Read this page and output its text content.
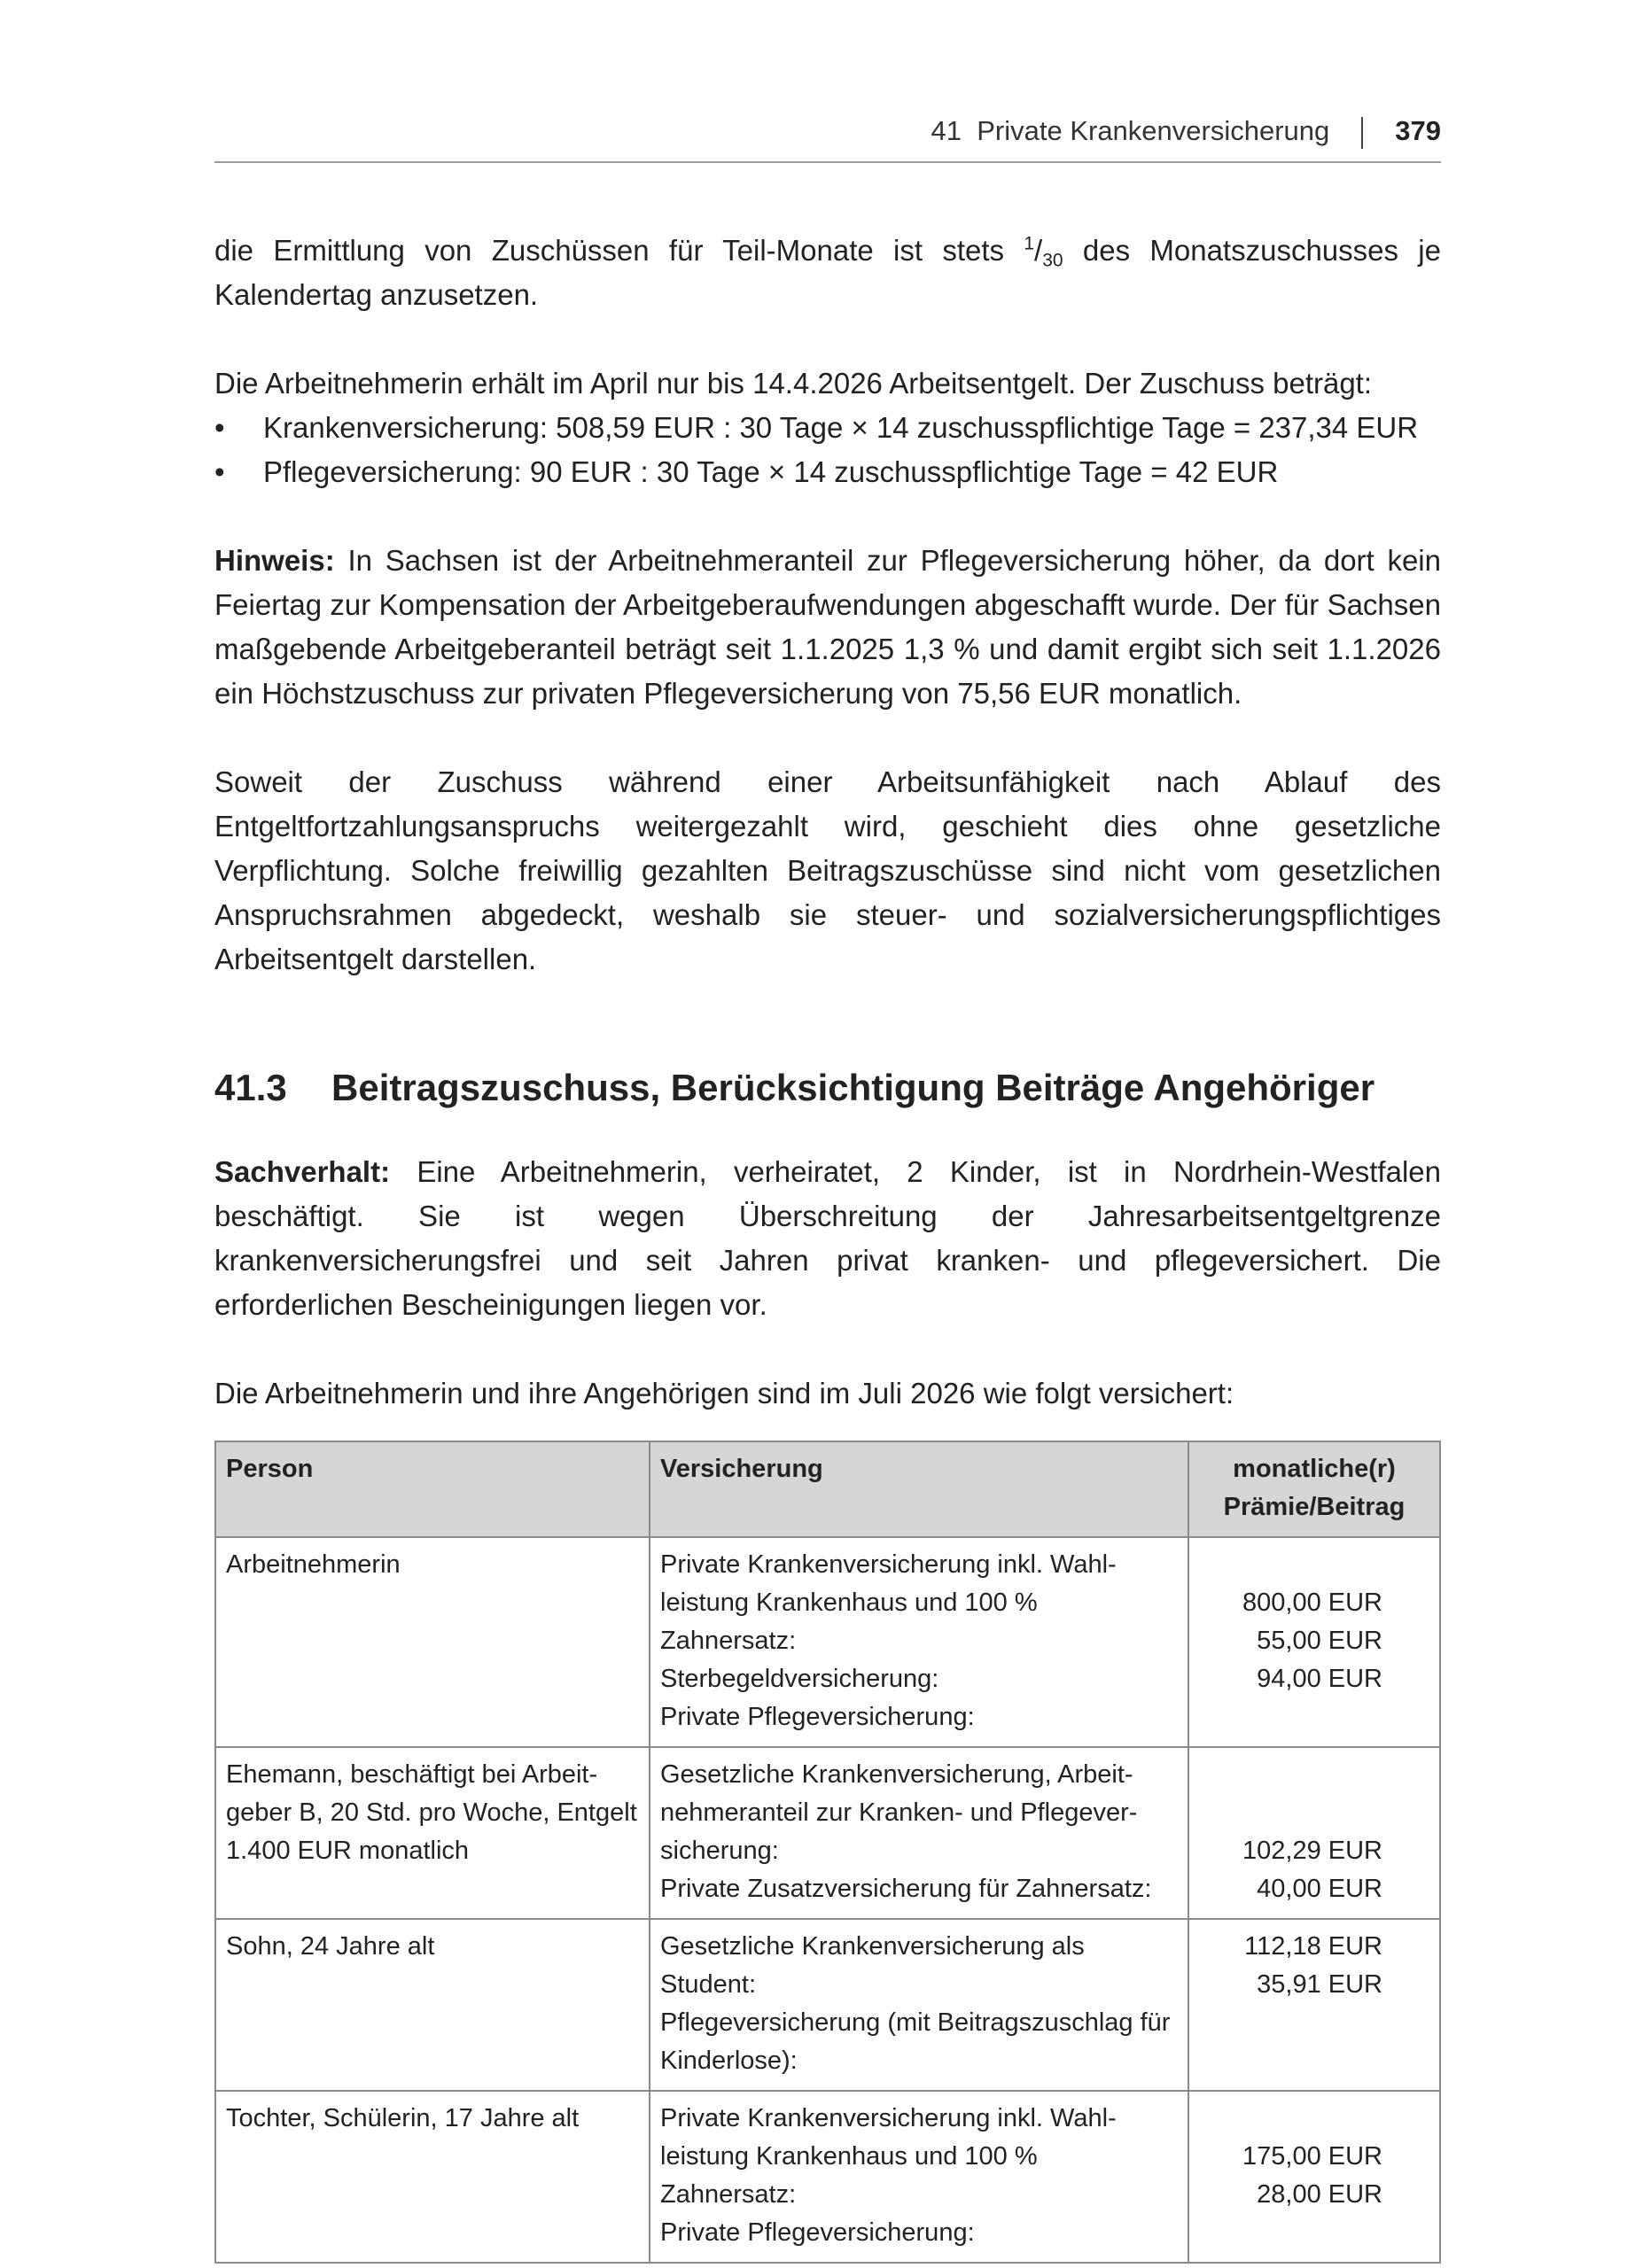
41  Private Krankenversicherung 379

die Ermittlung von Zuschüssen für Teil-Monate ist stets $^1/_{30}$ des Monatszuschusses je Kalendertag anzusetzen.

Die Arbeitnehmerin erhält im April nur bis 14.4.2026 Arbeitsentgelt. Der Zuschuss beträgt:

• Krankenversicherung: 508,59 EUR : 30 Tage × 14 zuschusspflichtige Tage = 237,34 EUR
• Pflegeversicherung: 90 EUR : 30 Tage × 14 zuschusspflichtige Tage = 42 EUR

Hinweis: In Sachsen ist der Arbeitnehmeranteil zur Pflegeversicherung höher, da dort kein Feiertag zur Kompensation der Arbeitgeberaufwendungen abgeschafft wurde. Der für Sachsen maßgebende Arbeitgeberanteil beträgt seit 1.1.2025 1,3 % und damit ergibt sich seit 1.1.2026 ein Höchstzuschuss zur privaten Pflegeversicherung von 75,56 EUR monatlich.

Soweit der Zuschuss während einer Arbeitsunfähigkeit nach Ablauf des Entgeltfortzahlungsanspruchs weitergezahlt wird, geschieht dies ohne gesetzliche Verpflichtung. Solche freiwillig gezahlten Beitragszuschüsse sind nicht vom gesetzlichen Anspruchsrahmen abgedeckt, weshalb sie steuer- und sozialversicherungspflichtiges Arbeitsentgelt darstellen.

41.3	Beitragszuschuss, Berücksichtigung Beiträge Angehöriger

Sachverhalt: Eine Arbeitnehmerin, verheiratet, 2 Kinder, ist in Nordrhein-Westfalen beschäftigt. Sie ist wegen Überschreitung der Jahresarbeitsentgeltgrenze krankenversicherungsfrei und seit Jahren privat kranken- und pflegeversichert. Die erforderlichen Bescheinigungen liegen vor.

Die Arbeitnehmerin und ihre Angehörigen sind im Juli 2026 wie folgt versichert:

Person	Versicherung	monatliche(r)
Prämie/Beitrag

Arbeitnehmerin	Private Krankenversicherung inkl. Wahl-
leistung Krankenhaus und 100 % Zahnersatz:
Sterbegeldversicherung:
Private Pflegeversicherung:	800,00 EUR
55,00 EUR
94,00 EUR

Ehemann, beschäftigt bei Arbeit-
geber B, 20 Std. pro Woche, Entgelt
1.400 EUR monatlich	Gesetzliche Krankenversicherung, Arbeit-
nehmeranteil zur Kranken- und Pflegever-
sicherung:
Private Zusatzversicherung für Zahnersatz:	102,29 EUR
40,00 EUR

Sohn, 24 Jahre alt	Gesetzliche Krankenversicherung als
Student:
Pflegeversicherung (mit Beitragszuschlag für
Kinderlose):	112,18 EUR
35,91 EUR

Tochter, Schülerin, 17 Jahre alt	Private Krankenversicherung inkl. Wahl-
leistung Krankenhaus und 100 % Zahnersatz:
Private Pflegeversicherung:	175,00 EUR
28,00 EUR
